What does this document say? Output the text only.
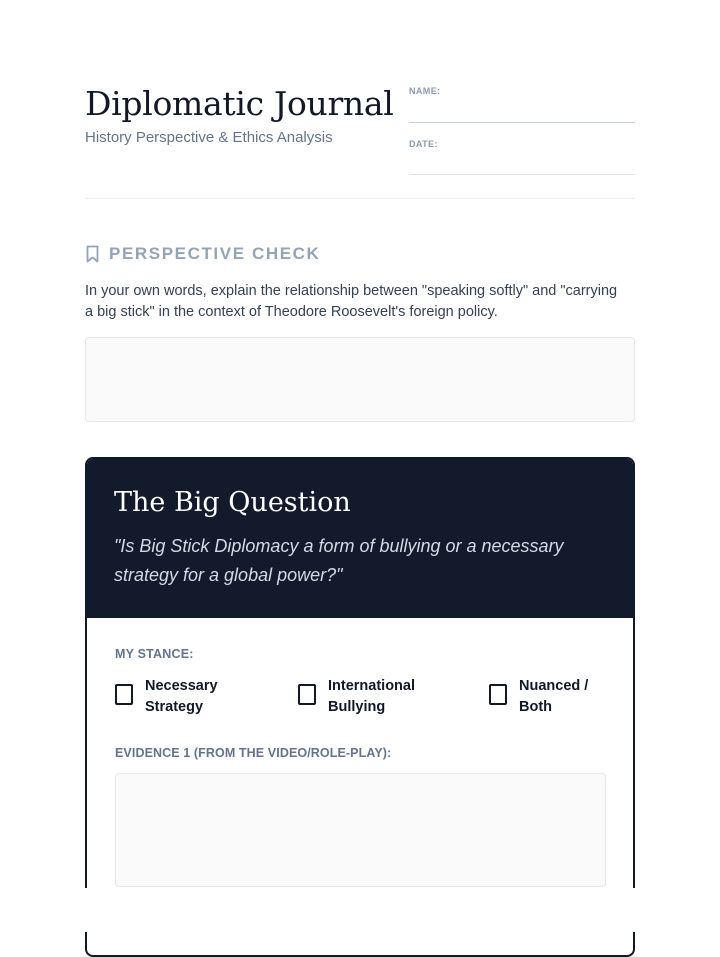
Diplomatic Journal
History Perspective & Ethics Analysis
NAME:
DATE:
PERSPECTIVE CHECK
In your own words, explain the relationship between "speaking softly" and "carrying a big stick" in the context of Theodore Roosevelt's foreign policy.
The Big Question
"Is Big Stick Diplomacy a form of bullying or a necessary strategy for a global power?"
MY STANCE:
Necessary
Strategy
International
Bullying
Nuanced /
Both
EVIDENCE 1 (FROM THE VIDEO/ROLE-PLAY):
